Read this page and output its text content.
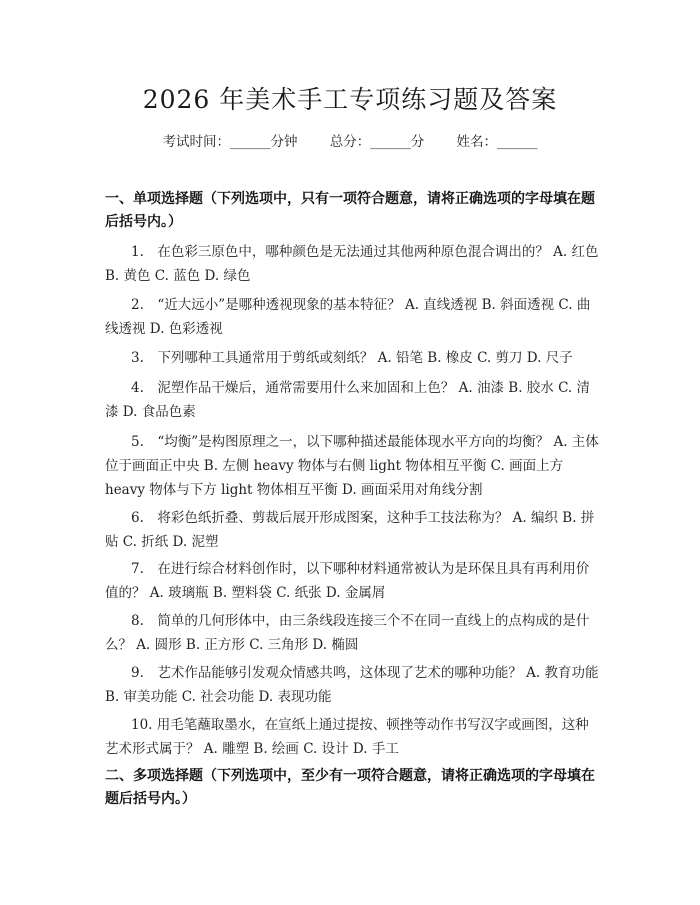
2026 年美术手工专项练习题及答案
考试时间：______分钟 总分：______分 姓名：______
一、单项选择题（下列选项中，只有一项符合题意，请将正确选项的字母填在题后括号内。）
1.　在色彩三原色中，哪种颜色是无法通过其他两种原色混合调出的？ A. 红色 B. 黄色 C. 蓝色 D. 绿色
2.　“近大远小”是哪种透视现象的基本特征？ A. 直线透视 B. 斜面透视 C. 曲线透视 D. 色彩透视
3.　下列哪种工具通常用于剪纸或刻纸？ A. 铅笔 B. 橡皮 C. 剪刀 D. 尺子
4.　泥塑作品干燥后，通常需要用什么来加固和上色？ A. 油漆 B. 胶水 C. 清漆 D. 食品色素
5.　“均衡”是构图原理之一，以下哪种描述最能体现水平方向的均衡？ A. 主体位于画面正中央 B. 左侧 heavy 物体与右侧 light 物体相互平衡 C. 画面上方 heavy 物体与下方 light 物体相互平衡 D. 画面采用对角线分割
6.　将彩色纸折叠、剪裁后展开形成图案，这种手工技法称为？ A. 编织 B. 拼贴 C. 折纸 D. 泥塑
7.　在进行综合材料创作时，以下哪种材料通常被认为是环保且具有再利用价值的？ A. 玻璃瓶 B. 塑料袋 C. 纸张 D. 金属屑
8.　简单的几何形体中，由三条线段连接三个不在同一直线上的点构成的是什么？ A. 圆形 B. 正方形 C. 三角形 D. 椭圆
9.　艺术作品能够引发观众情感共鸣，这体现了艺术的哪种功能？ A. 教育功能 B. 审美功能 C. 社会功能 D. 表现功能
10. 用毛笔蘸取墨水，在宣纸上通过提按、顿挫等动作书写汉字或画图，这种艺术形式属于？ A. 雕塑 B. 绘画 C. 设计 D. 手工
二、多项选择题（下列选项中，至少有一项符合题意，请将正确选项的字母填在题后括号内。）
